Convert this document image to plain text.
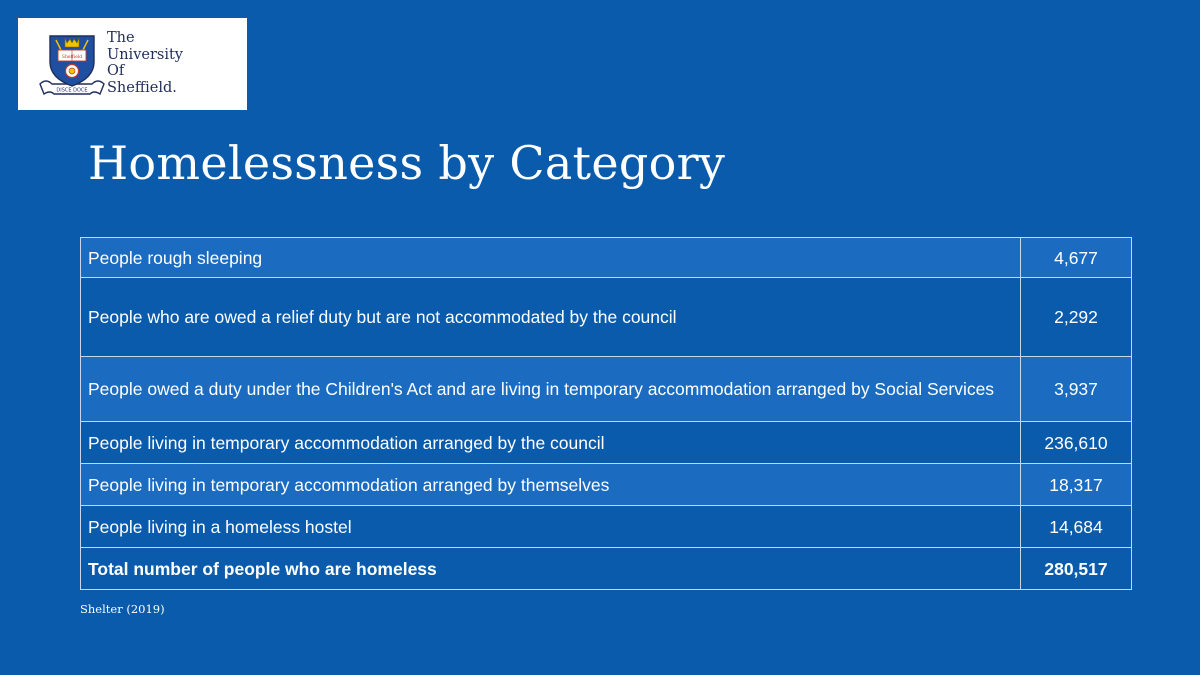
DISCE DOCE
Sheffield
The
University
Of
Sheffield.
Homelessness by Category
People rough sleeping	4,677
People who are owed a relief duty but are not accommodated by the council	2,292
People owed a duty under the Children's Act and are living in temporary accommodation arranged by Social Services	3,937
People living in temporary accommodation arranged by the council	236,610
People living in temporary accommodation arranged by themselves	18,317
People living in a homeless hostel	14,684
Total number of people who are homeless	280,517
Shelter (2019)
